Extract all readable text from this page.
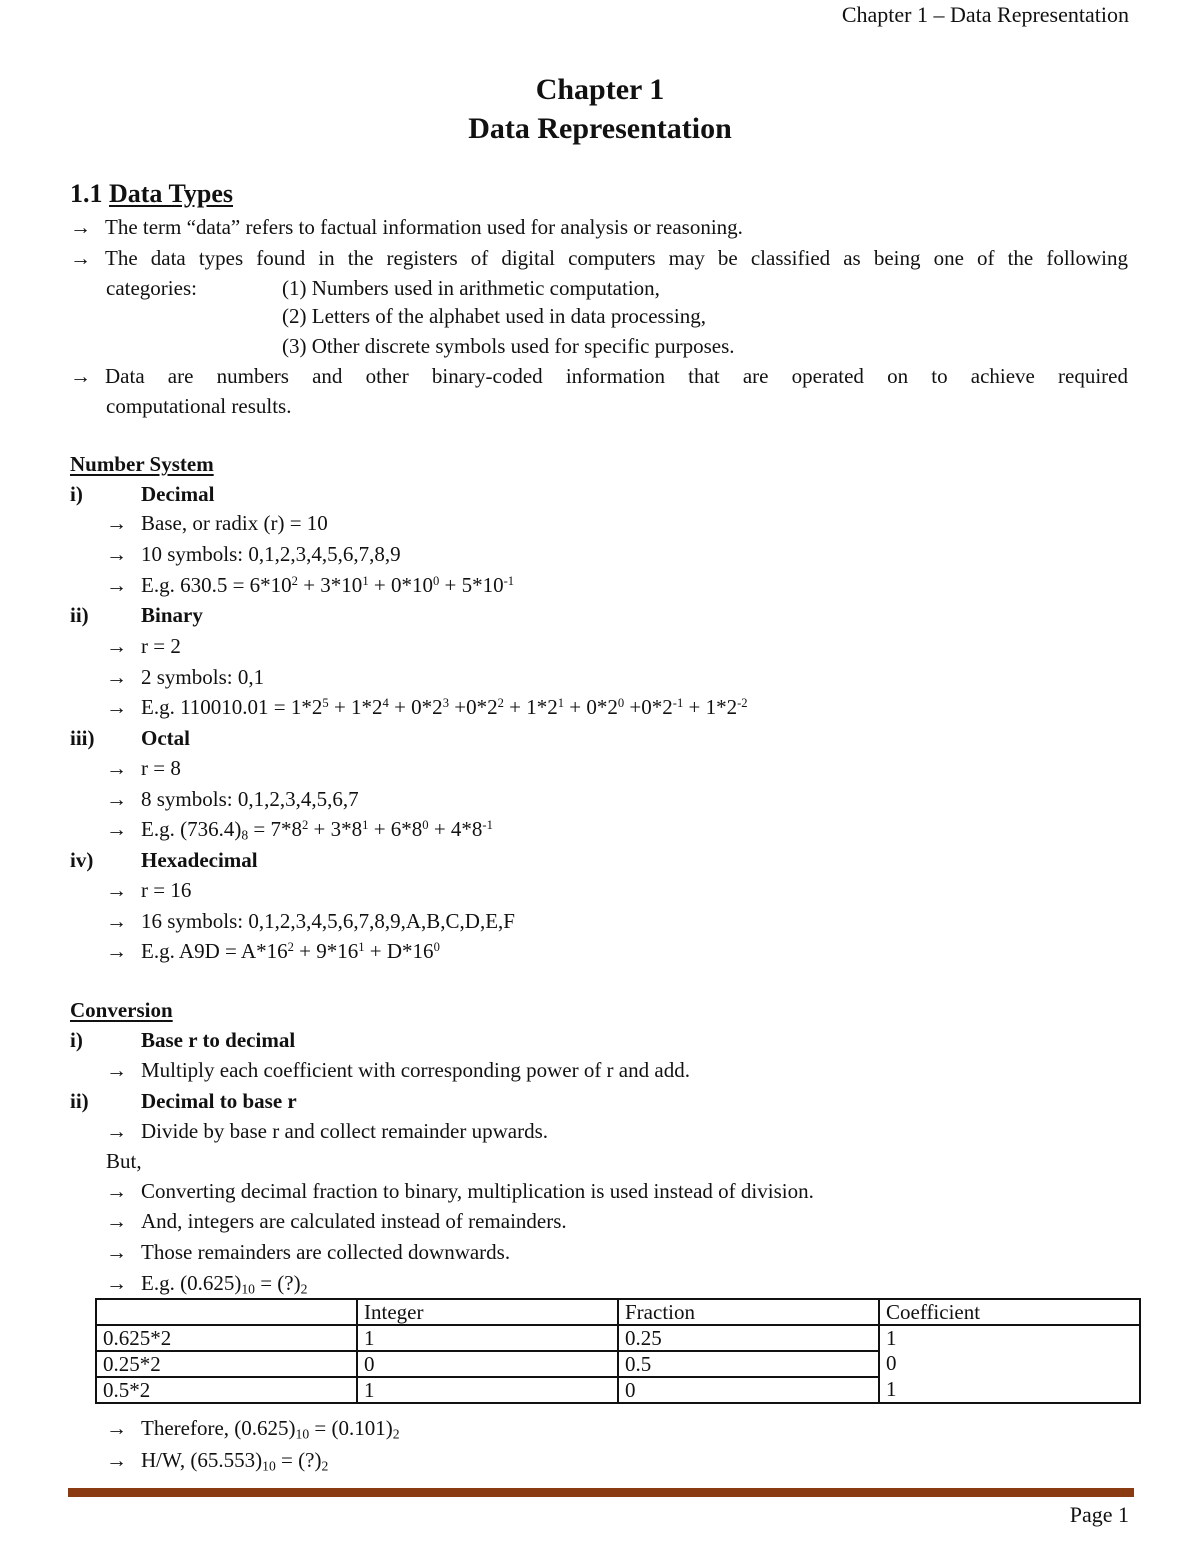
Chapter 1 – Data Representation
Chapter 1
Data Representation
1.1 Data Types
→ The term “data” refers to factual information used for analysis or reasoning.
→ The data types found in the registers of digital computers may be classified as being one of the following
categories:	(1) Numbers used in arithmetic computation,
(2) Letters of the alphabet used in data processing,
(3) Other discrete symbols used for specific purposes.
→ Data are numbers and other binary-coded information that are operated on to achieve required
computational results.
Number System
i)	Decimal
→ Base, or radix (r) = 10
→ 10 symbols: 0,1,2,3,4,5,6,7,8,9
→ E.g. $630.5 = 6*10^2 + 3*10^1 + 0*10^0 + 5*10^{-1}$
ii) Binary
→ r = 2
→ 2 symbols: 0,1
→ E.g. $110010.01 = 1*2^5 + 1*2^4 + 0*2^3 +0*2^2 + 1*2^1 + 0*2^0 +0*2^{-1} + 1*2^{-2}$
iii) Octal
→ r = 8
→ 8 symbols: 0,1,2,3,4,5,6,7
→ E.g. $(736.4)_8 = 7*8^2 + 3*8^1 + 6*8^0 + 4*8^{-1}$
iv) Hexadecimal
→ r = 16
→ 16 symbols: 0,1,2,3,4,5,6,7,8,9,A,B,C,D,E,F
→ E.g. $A9D = A*16^2 + 9*16^1 + D*16^0$
Conversion
i)	Base r to decimal
→ Multiply each coefficient with corresponding power of r and add.
ii) Decimal to base r
→ Divide by base r and collect remainder upwards.
But,
→ Converting decimal fraction to binary, multiplication is used instead of division.
→ And, integers are calculated instead of remainders.
→ Those remainders are collected downwards.
→ E.g. $(0.625)_{10}$ = $(?)_2$
	Integer	Fraction	Coefficient
0.625*2	1	0.25	1
0.25*2	0	0.5	0
0.5*2	1	0	1
→ Therefore, $(0.625)_{10} = (0.101)_2$
→ H/W, $(65.553)_{10}$ = $(?)_2$
Page 1
